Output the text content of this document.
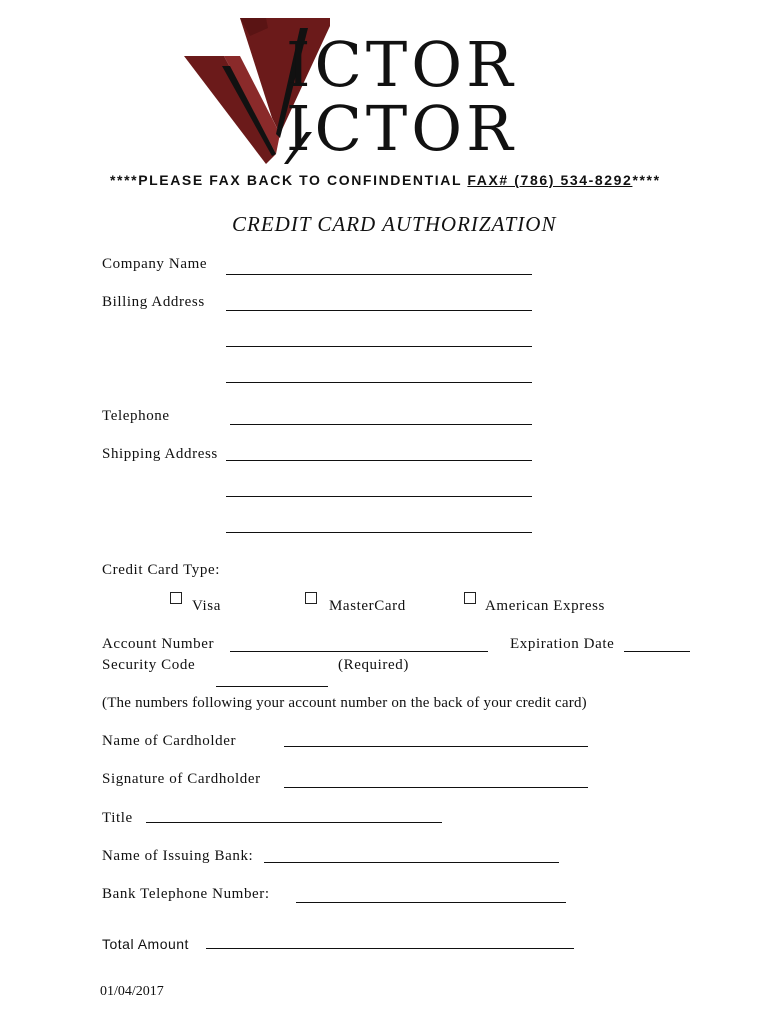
ICTOR
ICTOR
****PLEASE FAX BACK TO CONFINDENTIAL FAX# (786) 534-8292****
CREDIT CARD AUTHORIZATION
Company Name
Billing Address
Telephone
Shipping Address
Credit Card Type:
Visa	MasterCard	American Express
Account Number	Expiration Date
Security Code	(Required)
(The numbers following your account number on the back of your credit card)
Name of Cardholder
Signature of Cardholder
Title
Name of Issuing Bank:
Bank Telephone Number:
Total Amount
01/04/2017
